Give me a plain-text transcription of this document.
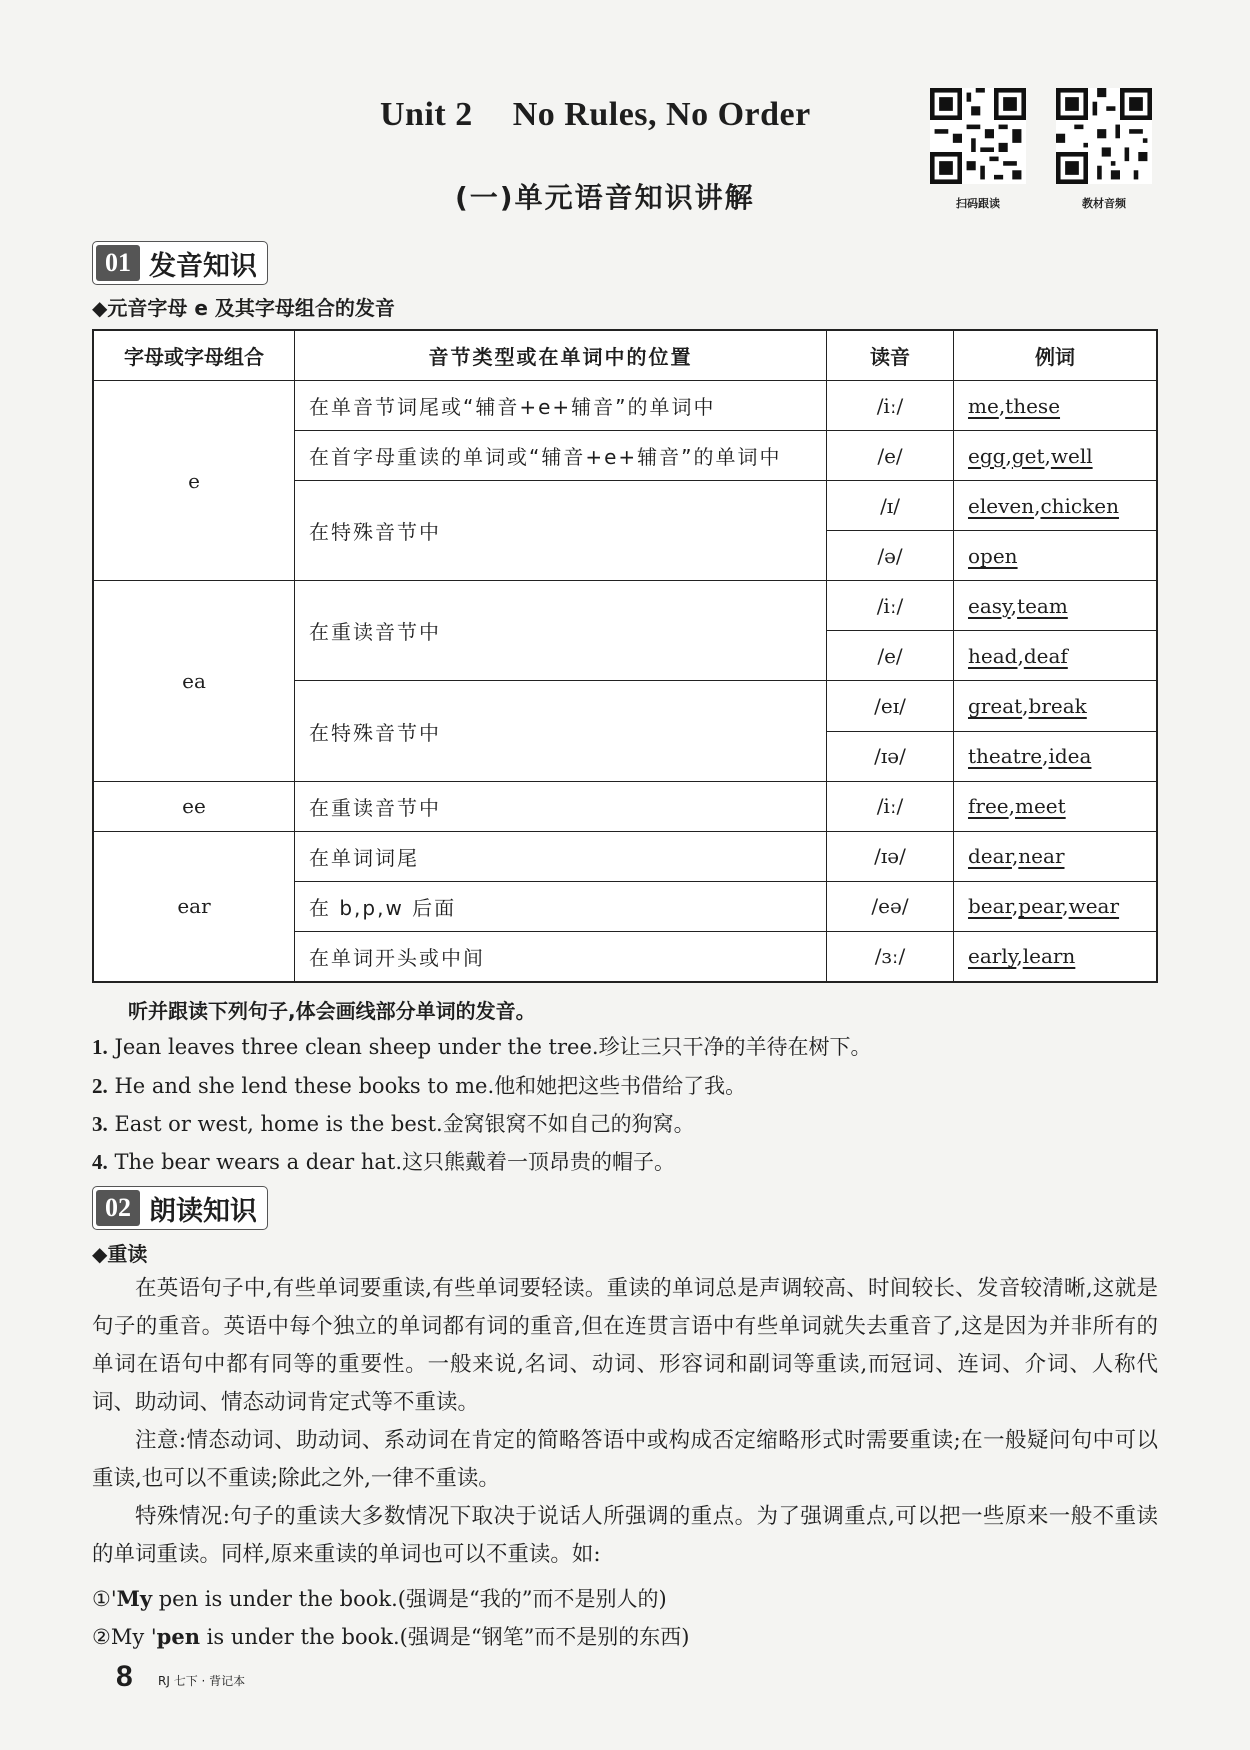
Unit 2 No Rules, No Order
(一)单元语音知识讲解	扫码跟读	教材音频
01 发音知识
◆元音字母 e 及其字母组合的发音
字母或字母组合	音节类型或在单词中的位置	读音	例词
e	在单音节词尾或“辅音+e+辅音”的单词中	/iː/	me,these
	在首字母重读的单词或“辅音+e+辅音”的单词中	/e/	egg,get,well
	在特殊音节中	/ɪ/	eleven,chicken
		/ə/	open
ea	在重读音节中	/iː/	easy,team
		/e/	head,deaf
	在特殊音节中	/eɪ/	great,break
		/ɪə/	theatre,idea
ee	在重读音节中	/iː/	free,meet
ear	在单词词尾	/ɪə/	dear,near
	在 b,p,w 后面	/eə/	bear,pear,wear
	在单词开头或中间	/ɜː/	early,learn
听并跟读下列句子,体会画线部分单词的发音。
1. Jean leaves three clean sheep under the tree.珍让三只干净的羊待在树下。
2. He and she lend these books to me.他和她把这些书借给了我。
3. East or west, home is the best.金窝银窝不如自己的狗窝。
4. The bear wears a dear hat.这只熊戴着一顶昂贵的帽子。
02 朗读知识
◆重读
在英语句子中,有些单词要重读,有些单词要轻读。重读的单词总是声调较高、时间较长、发音较清晰,这就是句子的重音。英语中每个独立的单词都有词的重音,但在连贯言语中有些单词就失去重音了,这是因为并非所有的单词在语句中都有同等的重要性。一般来说,名词、动词、形容词和副词等重读,而冠词、连词、介词、人称代词、助动词、情态动词肯定式等不重读。
注意:情态动词、助动词、系动词在肯定的简略答语中或构成否定缩略形式时需要重读;在一般疑问句中可以重读,也可以不重读;除此之外,一律不重读。
特殊情况:句子的重读大多数情况下取决于说话人所强调的重点。为了强调重点,可以把一些原来一般不重读的单词重读。同样,原来重读的单词也可以不重读。如:
①'My pen is under the book.(强调是“我的”而不是别人的)
②My 'pen is under the book.(强调是“钢笔”而不是别的东西)
8 RJ 七下 · 背记本
